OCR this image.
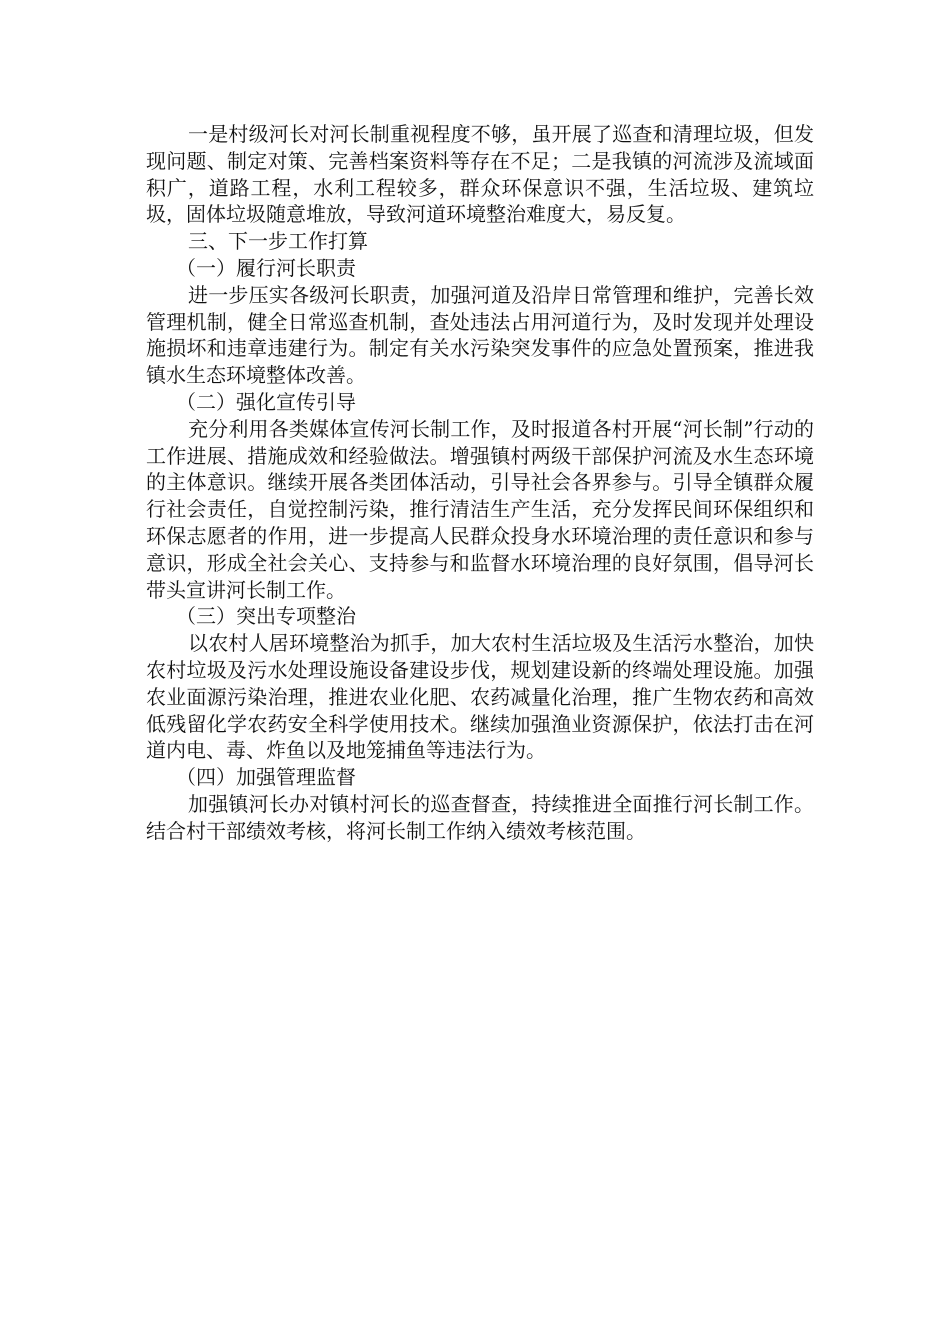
一是村级河长对河长制重视程度不够，虽开展了巡查和清理垃圾，但发现问题、制定对策、完善档案资料等存在不足；二是我镇的河流涉及流域面积广，道路工程，水利工程较多，群众环保意识不强，生活垃圾、建筑垃圾，固体垃圾随意堆放，导致河道环境整治难度大，易反复。

三、下一步工作打算

（一）履行河长职责

进一步压实各级河长职责，加强河道及沿岸日常管理和维护，完善长效管理机制，健全日常巡查机制，查处违法占用河道行为，及时发现并处理设施损坏和违章违建行为。制定有关水污染突发事件的应急处置预案，推进我镇水生态环境整体改善。

（二）强化宣传引导

充分利用各类媒体宣传河长制工作，及时报道各村开展“河长制”行动的工作进展、措施成效和经验做法。增强镇村两级干部保护河流及水生态环境的主体意识。继续开展各类团体活动，引导社会各界参与。引导全镇群众履行社会责任，自觉控制污染，推行清洁生产生活，充分发挥民间环保组织和环保志愿者的作用，进一步提高人民群众投身水环境治理的责任意识和参与意识，形成全社会关心、支持参与和监督水环境治理的良好氛围，倡导河长带头宣讲河长制工作。

（三）突出专项整治

以农村人居环境整治为抓手，加大农村生活垃圾及生活污水整治，加快农村垃圾及污水处理设施设备建设步伐，规划建设新的终端处理设施。加强农业面源污染治理，推进农业化肥、农药减量化治理，推广生物农药和高效低残留化学农药安全科学使用技术。继续加强渔业资源保护，依法打击在河道内电、毒、炸鱼以及地笼捕鱼等违法行为。

（四）加强管理监督

加强镇河长办对镇村河长的巡查督查，持续推进全面推行河长制工作。结合村干部绩效考核，将河长制工作纳入绩效考核范围。
